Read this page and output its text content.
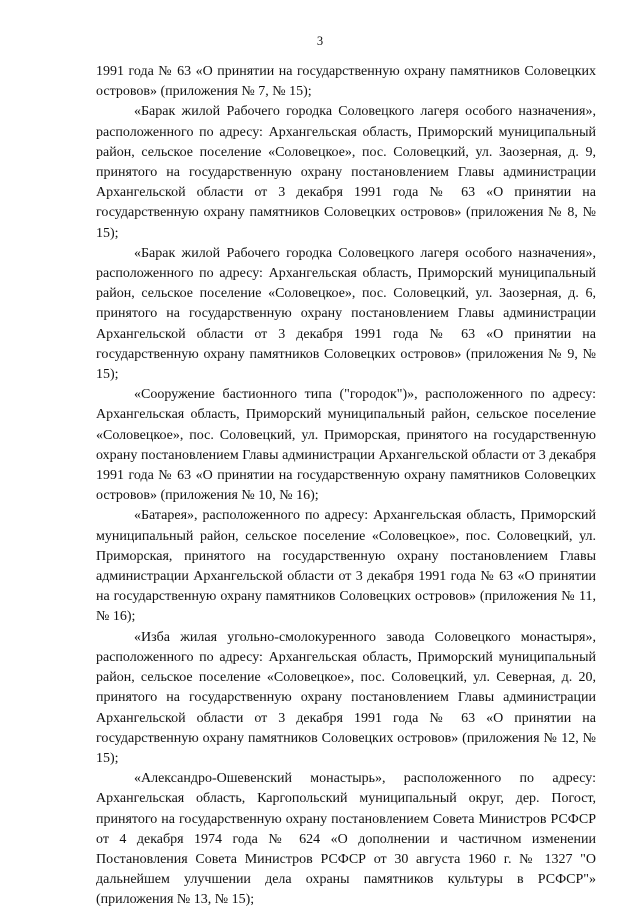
3

1991 года № 63 «О принятии на государственную охрану памятников Соловецких островов» (приложения № 7, № 15);

«Барак жилой Рабочего городка Соловецкого лагеря особого назначения», расположенного по адресу: Архангельская область, Приморский муниципальный район, сельское поселение «Соловецкое», пос. Соловецкий, ул. Заозерная, д. 9, принятого на государственную охрану постановлением Главы администрации Архангельской области от 3 декабря 1991 года № 63 «О принятии на государственную охрану памятников Соловецких островов» (приложения № 8, № 15);

«Барак жилой Рабочего городка Соловецкого лагеря особого назначения», расположенного по адресу: Архангельская область, Приморский муниципальный район, сельское поселение «Соловецкое», пос. Соловецкий, ул. Заозерная, д. 6, принятого на государственную охрану постановлением Главы администрации Архангельской области от 3 декабря 1991 года № 63 «О принятии на государственную охрану памятников Соловецких островов» (приложения № 9, № 15);

«Сооружение бастионного типа ("городок")», расположенного по адресу: Архангельская область, Приморский муниципальный район, сельское поселение «Соловецкое», пос. Соловецкий, ул. Приморская, принятого на государственную охрану постановлением Главы администрации Архангельской области от 3 декабря 1991 года № 63 «О принятии на государственную охрану памятников Соловецких островов» (приложения № 10, № 16);

«Батарея», расположенного по адресу: Архангельская область, Приморский муниципальный район, сельское поселение «Соловецкое», пос. Соловецкий, ул. Приморская, принятого на государственную охрану постановлением Главы администрации Архангельской области от 3 декабря 1991 года № 63 «О принятии на государственную охрану памятников Соловецких островов» (приложения № 11, № 16);

«Изба жилая угольно-смолокуренного завода Соловецкого монастыря», расположенного по адресу: Архангельская область, Приморский муниципальный район, сельское поселение «Соловецкое», пос. Соловецкий, ул. Северная, д. 20, принятого на государственную охрану постановлением Главы администрации Архангельской области от 3 декабря 1991 года № 63 «О принятии на государственную охрану памятников Соловецких островов» (приложения № 12, № 15);

«Александро-Ошевенский монастырь», расположенного по адресу: Архангельская область, Каргопольский муниципальный округ, дер. Погост, принятого на государственную охрану постановлением Совета Министров РСФСР от 4 декабря 1974 года № 624 «О дополнении и частичном изменении Постановления Совета Министров РСФСР от 30 августа 1960 г. № 1327 "О дальнейшем улучшении дела охраны памятников культуры в РСФСР"» (приложения № 13, № 15);
